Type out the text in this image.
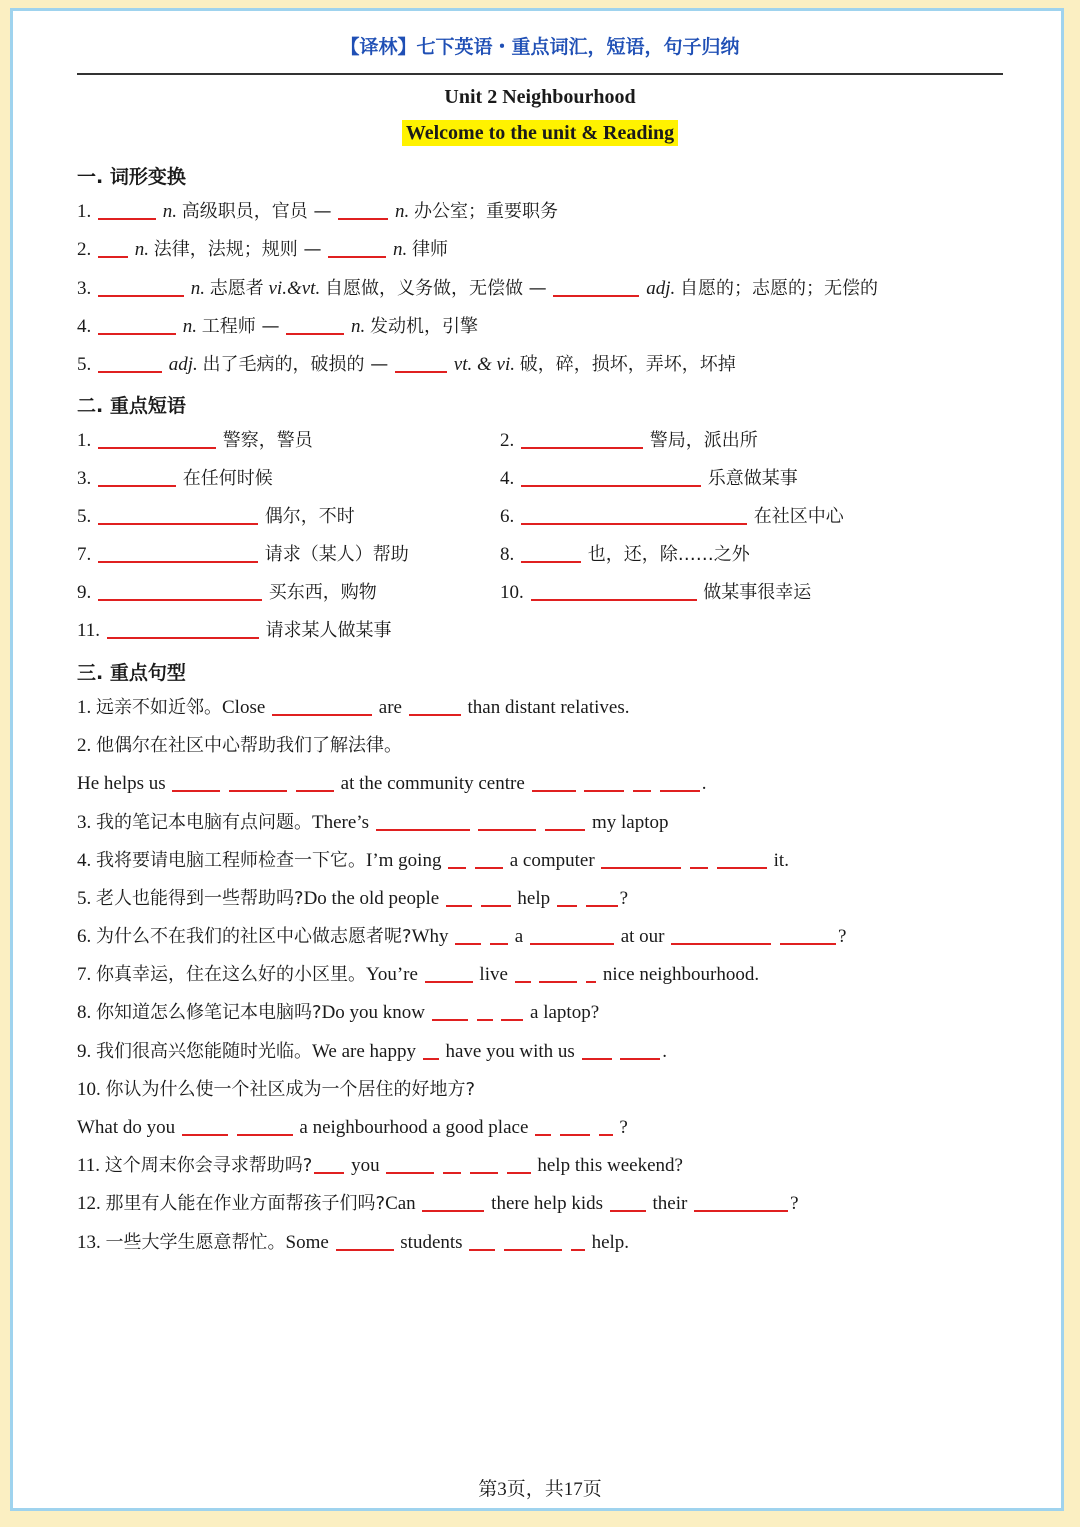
【译林】七下英语・重点词汇，短语，句子归纳
Unit 2 Neighbourhood
Welcome to the unit & Reading
一. 词形变换
1.	n. 高级职员，官员 —	n. 办公室；重要职务
2. n. 法律，法规；规则 —	n. 律师
3.	n. 志愿者 vi.&vt. 自愿做，义务做，无偿做 —	adj. 自愿的；志愿的；无偿的
4.	n. 工程师 —	n. 发动机，引擎
5.	adj. 出了毛病的，破损的 —	vt. & vi. 破，碎，损坏，弄坏，坏掉
二. 重点短语
1.	警察，警员	2.	警局，派出所
3.	在任何时候	4.	乐意做某事
5.	偶尔，不时	6.	在社区中心
7.	请求（某人）帮助	8.	也，还，除……之外
9.	买东西，购物	10.	做某事很幸运
11.	请求某人做某事
三. 重点句型
1. 远亲不如近邻。Close	are	than distant relatives.
2. 他偶尔在社区中心帮助我们了解法律。
He helps us	at the community centre	.
3. 我的笔记本电脑有点问题。There’s	my laptop
4. 我将要请电脑工程师检查一下它。I’m going	a computer	it.
5. 老人也能得到一些帮助吗?Do the old people	help	?
6. 为什么不在我们的社区中心做志愿者呢?Why	a	at our	?
7. 你真幸运，住在这么好的小区里。You’re	live	nice neighbourhood.
8. 你知道怎么修笔记本电脑吗?Do you know	a laptop?
9. 我们很高兴您能随时光临。We are happy have you with us	.
10. 你认为什么使一个社区成为一个居住的好地方?
What do you	a neighbourhood a good place	?
11. 这个周末你会寻求帮助吗? you	help this weekend?
12. 那里有人能在作业方面帮孩子们吗?Can	there help kids	their	?
13. 一些大学生愿意帮忙。Some	students	help.
第3页，共17页
